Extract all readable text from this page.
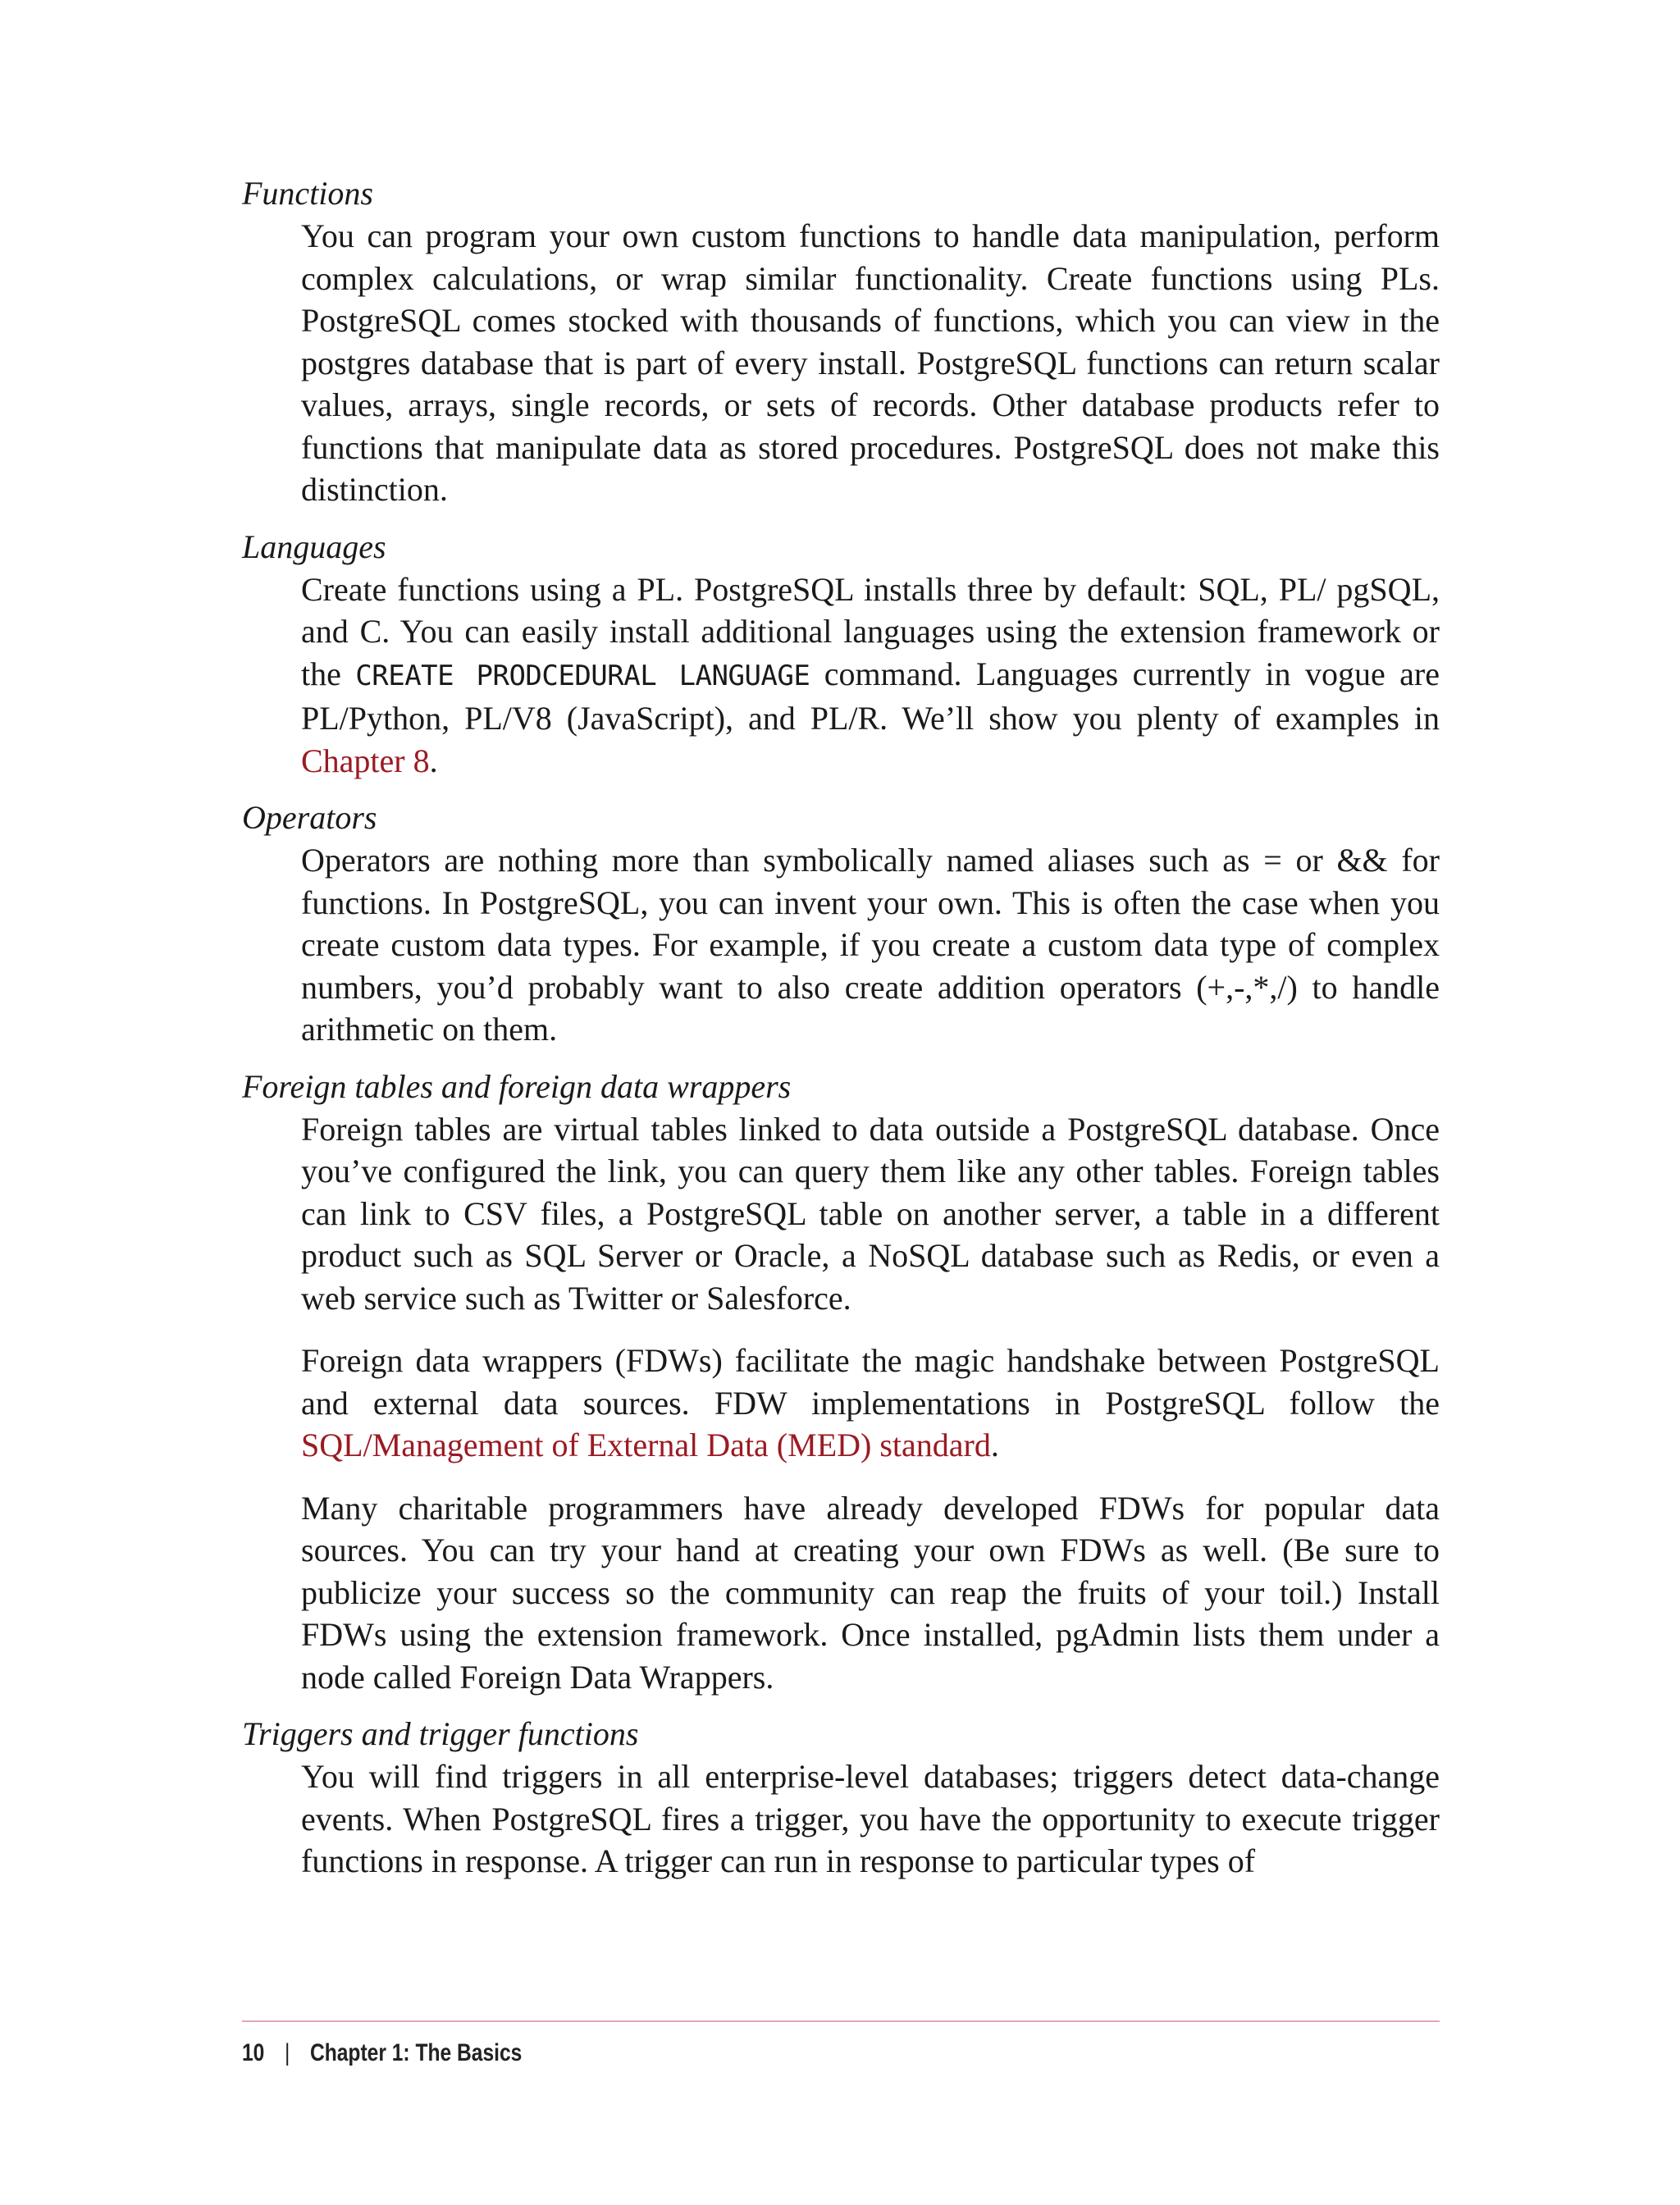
Functions

You can program your own custom functions to handle data manipulation, perform complex calculations, or wrap similar functionality. Create functions using PLs. PostgreSQL comes stocked with thousands of functions, which you can view in the postgres database that is part of every install. PostgreSQL functions can return scalar values, arrays, single records, or sets of records. Other database products refer to functions that manipulate data as stored procedures. PostgreSQL does not make this distinction.

Languages

Create functions using a PL. PostgreSQL installs three by default: SQL, PL/ pgSQL, and C. You can easily install additional languages using the extension framework or the CREATE PRODCEDURAL LANGUAGE command. Languages currently in vogue are PL/Python, PL/V8 (JavaScript), and PL/R. We’ll show you plenty of examples in Chapter 8.

Operators

Operators are nothing more than symbolically named aliases such as = or && for functions. In PostgreSQL, you can invent your own. This is often the case when you create custom data types. For example, if you create a custom data type of complex numbers, you’d probably want to also create addition operators (+,-,*,/) to handle arithmetic on them.

Foreign tables and foreign data wrappers

Foreign tables are virtual tables linked to data outside a PostgreSQL database. Once you’ve configured the link, you can query them like any other tables. Foreign tables can link to CSV files, a PostgreSQL table on another server, a table in a different product such as SQL Server or Oracle, a NoSQL database such as Redis, or even a web service such as Twitter or Salesforce.

Foreign data wrappers (FDWs) facilitate the magic handshake between PostgreSQL and external data sources. FDW implementations in PostgreSQL follow the SQL/Management of External Data (MED) standard.

Many charitable programmers have already developed FDWs for popular data sources. You can try your hand at creating your own FDWs as well. (Be sure to publicize your success so the community can reap the fruits of your toil.) Install FDWs using the extension framework. Once installed, pgAdmin lists them under a node called Foreign Data Wrappers.

Triggers and trigger functions

You will find triggers in all enterprise-level databases; triggers detect data-change events. When PostgreSQL fires a trigger, you have the opportunity to execute trigger functions in response. A trigger can run in response to particular types of

10 | Chapter 1: The Basics
